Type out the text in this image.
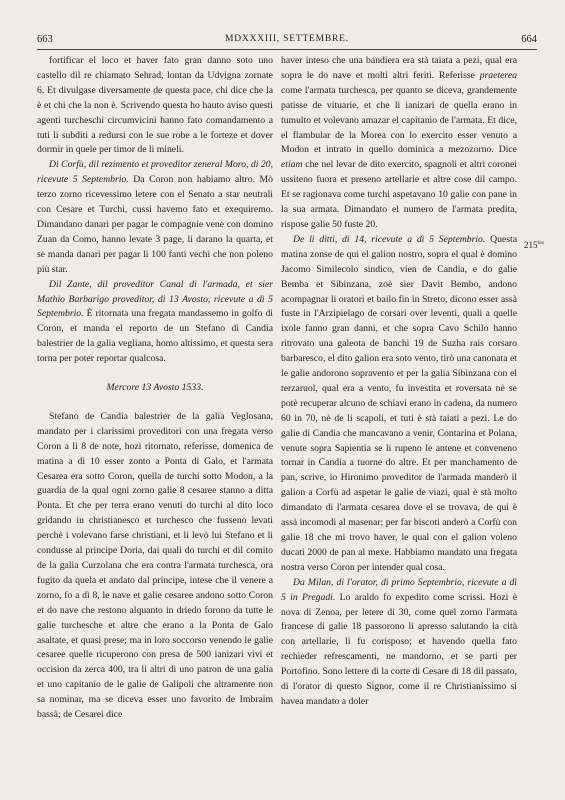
663	MDXXXIII, SETTEMBRE.	664

fortificar el loco et haver fato gran danno soto uno castello dil re chiamato Sehrad, lontan da Udvigna zornate 6. Et divulgase diversamente de questa pace, chi dice che la è et chi che la non è. Scrivendo questa ho hauto aviso questi agenti turcheschi circumvicini hanno fato comandamento a tuti li subditi a redursi con le sue robe a le forteze et dover dormir in quele per timor de li mineli.

Di Corfù, dil rezimento et proveditor zeneral Moro, di 20, ricevute 5 Septembrio. Da Coron non habiamo altro. Mò terzo zorno ricevessimo letere con el Senato a star neutrali con Cesare et Turchi, cussi havemo fato et exequiremo. Dimandano danari per pagar le compagnie vene con domino Zuan da Como, hanno levate 3 page, li darano la quarta, et se manda danari per pagar li 100 fanti vechi che non poleno più star.

Dil Zante, dil proveditor Canal di l'armada, et sier Mathio Barbarigo proveditor, di 13 Avosto, ricevute a dì 5 Septembrio. È ritornata una fregata mandassemo in golfo di Coron, et manda el reporto de un Stefano di Candia balestrier de la galia vegliana, homo altissimo, et questa sera torna per poter reportar qualcosa.

Mercore 13 Avosto 1533.

Stefano de Candia balestrier de la galia Veglosana, mandato per i clarissimi proveditori con una fregata verso Coron a li 8 de note, hozi ritornato, referisse, domenica de matina a dì 10 esser zonto a Ponta di Galo, et l'armata Cesarea era sotto Coron, quella de turchi sotto Modon, a la guardia de la qual ogni zorno galie 8 cesaree stanno a ditta Ponta. Et che per terra erano venuti do turchi al dito loco gridando in christianesco et turchesco che fusseno levati perchè i volevano farse christiani, et li levò lui Stefano et li condusse al principe Doria, dai quali do turchi et dil comito de la galia Curzolana che era contra l'armata turchesca, ora fugito da quela et andato dal principe, intese che il venere a zorno, fo a dì 8, le nave et galie cesaree andono sotto Coron et do nave che restono alquanto in driedo forono da tutte le galie turchesche et altre che erano a la Ponta de Galo asaltate, et quasi prese; ma in loro soccorso venendo le galie cesaree quelle ricuperono con presa de 500 ianizari vivi et occision da zerca 400, tra li altri di uno patron de una galia et uno capitanio de le galie de Galipoli che altramente non sa nominar, ma se diceva esser uno favorito de Imbraim bassà; de Cesarei dice

haver inteso che una bandiera era stà taiata a pezi, qual era sopra le do nave et molti altri feriti. Referisse praeterea come l'armata turchesca, per quanto se diceva, grandemente patisse de vituarie, et che li ianizari de quella erano in tumulto et volevano amazar el capitanio de l'armata. Et dice, el flambular de la Morea con lo exercito esser venuto a Modon et intrato in quello dominica a mezozorno. Dice etiam che nel levar de dito exercito, spagnoli et altri coronei ussiteno fuora et preseno artellarie et altre cose dil campo. Et se ragionava come turchi aspetavano 10 galie con pane in la sua armata. Dimandato el numero de l'armata predita, rispose galie 50 fuste 20.

De li ditti, di 14, ricevute a dì 5 Septembrio. Questa matina zonse de qui el galion nostro, sopra el qual è domino Jacomo Similecolo sindico, vien de Candia, e do galie Bemba et Sibinzana, zoè sier Davit Bembo, andono acompagnar li oratori et bailo fin in Streto, dicono esser assà fuste in l'Arzipielago de corsari over leventi, quali a quelle ixole fanno gran danni, et che sopra Cavo Schilo hanno ritrovato una galeota de banchi 19 de Suzha rais corsaro barbaresco, el dito galion era soto vento, tirò una canonata et le galie andorono sopravento et per la galia Sibinzana con el terzaruol, qual era a vento, fu investita et roversata nè se potè recuperar alcuno de schiavi erano in cadena, da numero 60 in 70, nè de li scapoli, et tuti è stà taiati a pezi. Le do galie di Candia che mancavano a venir, Contarina et Polana, venute sopra Sapientia se li rupeno le antene et conveneno tornar in Candia a tuorne do altre. Et per manchamento de pan, scrive, io Hironimo proveditor de l'armada manderò il galion a Corfù ad aspetar le galie de viazi, qual è stà molto dimandato di l'armata cesarea dove el se trovava, de qui è assà incomodi al masenar; per far biscoti anderò a Corfù con galie 18 che mi trovo haver, le qual con el galion voleno ducati 2000 de pan al mexe. Habbiamo mandato una fregata nostra verso Coron per intender qual cosa.

Da Milan, di l'orator, di primo Septembrio, ricevute a dì 5 in Pregadi. Lo araldo fo expedito come scrissi. Hozi è nova di Zenoa, per letere di 30, come quel zorno l'armata francese di galie 18 passorono lì apresso salutando la cità con artellarie, li fu corisposo; et havendo quella fato rechieder refrescamenti, ne mandorno, et se parti per Portofino. Sono lettere di la corte di Cesare di 18 dil passato, di l'orator di questo Signor, come il re Christianissimo si havea mandato a doler

$215^{bis}$
